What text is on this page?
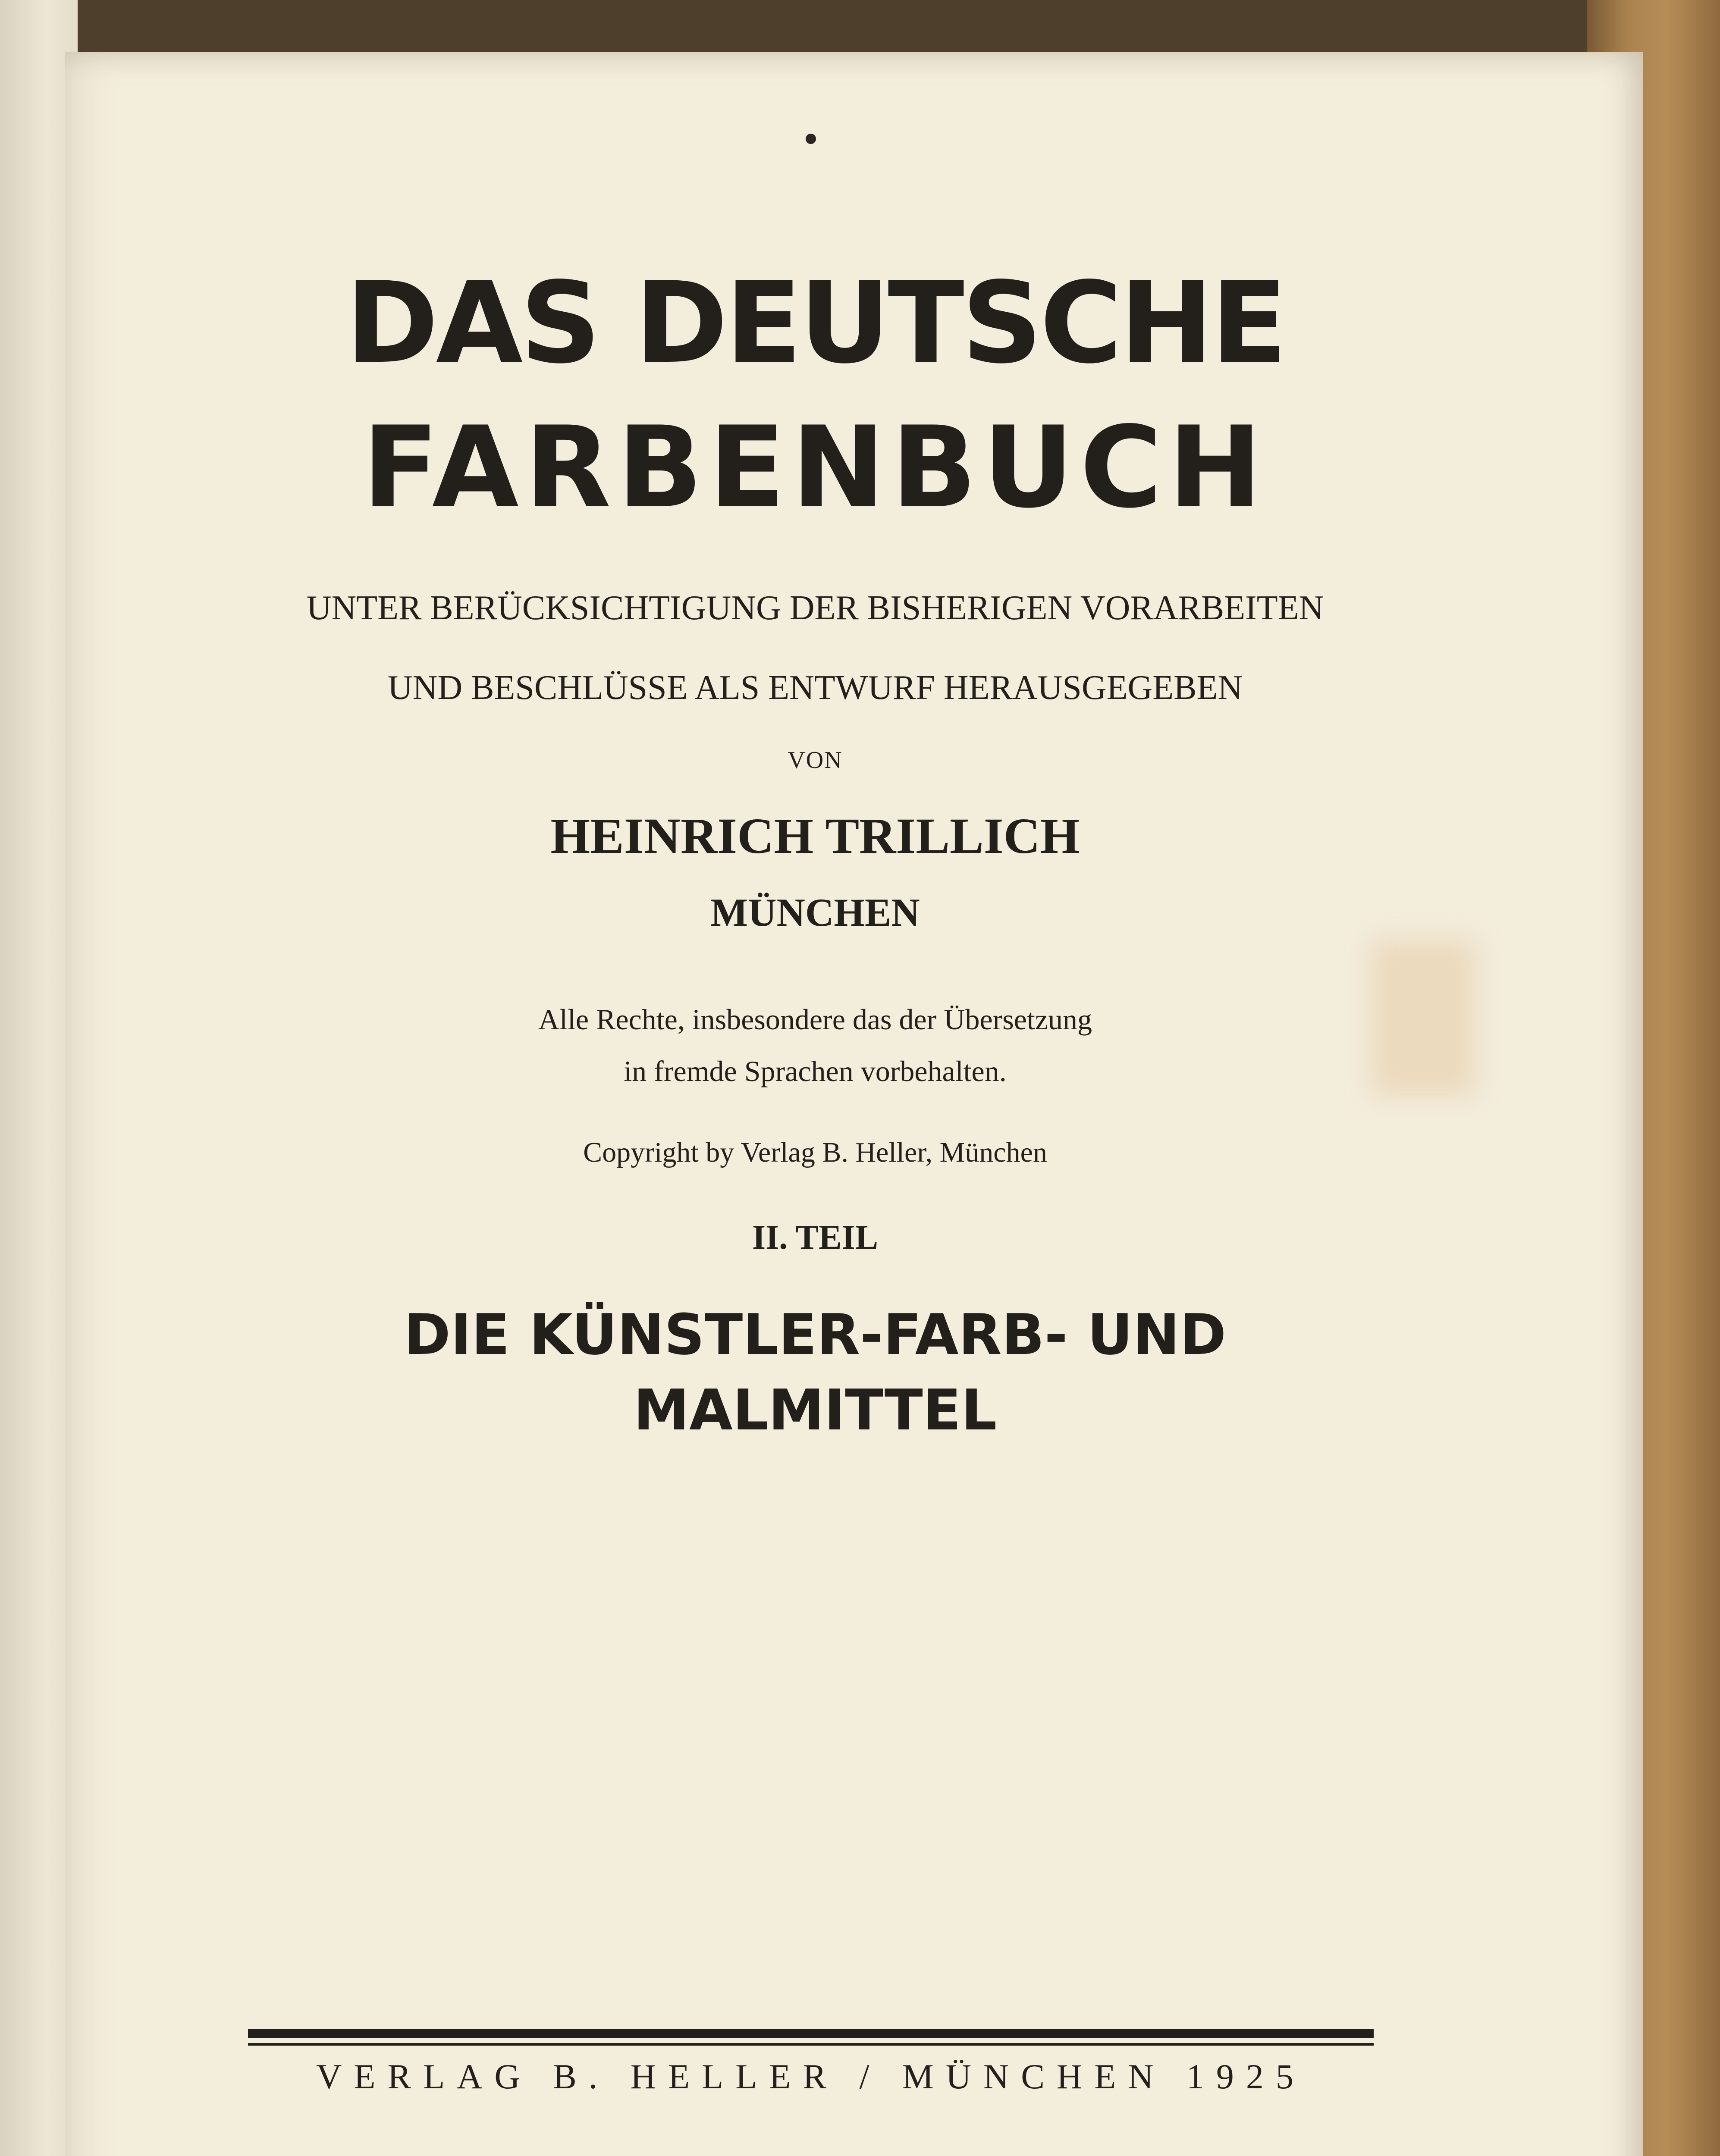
DAS DEUTSCHE
FARBENBUCH
UNTER BERÜCKSICHTIGUNG DER BISHERIGEN VORARBEITEN
UND BESCHLÜSSE ALS ENTWURF HERAUSGEGEBEN
VON
HEINRICH TRILLICH
MÜNCHEN
Alle Rechte, insbesondere das der Übersetzung
in fremde Sprachen vorbehalten.
Copyright by Verlag B. Heller, München
II. TEIL
DIE KÜNSTLER-FARB- UND
MALMITTEL
VERLAG B. HELLER / MÜNCHEN 1925
